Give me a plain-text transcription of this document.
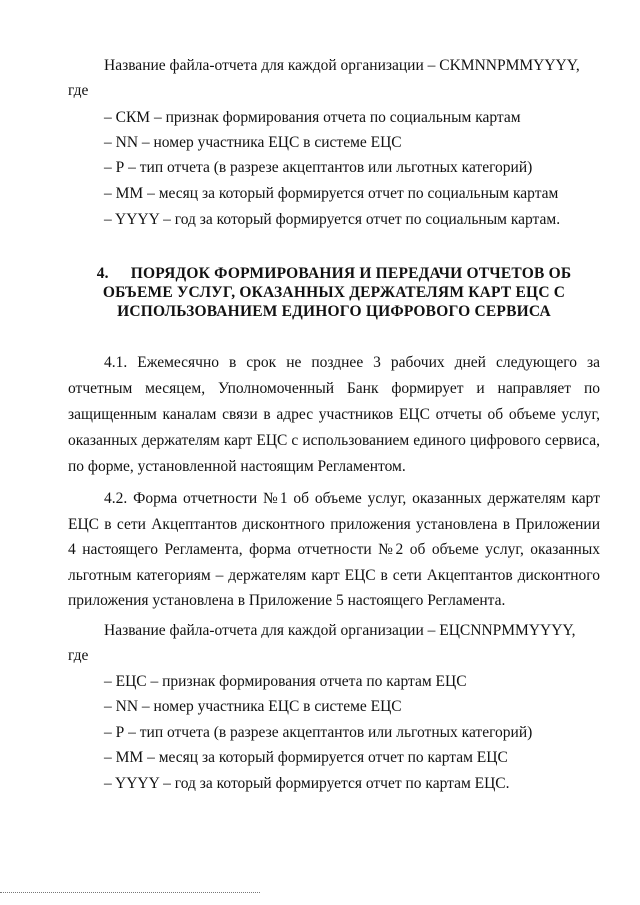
Название файла-отчета для каждой организации – CKMNNPMMYYYY,
где
– СКМ – признак формирования отчета по социальным картам
– NN – номер участника ЕЦС в системе ЕЦС
– Р – тип отчета (в разрезе акцептантов или льготных категорий)
– ММ – месяц за который формируется отчет по социальным картам
– YYYY – год за который формируется отчет по социальным картам.
4. ПОРЯДОК ФОРМИРОВАНИЯ И ПЕРЕДАЧИ ОТЧЕТОВ ОБ
ОБЪЕМЕ УСЛУГ, ОКАЗАННЫХ ДЕРЖАТЕЛЯМ КАРТ ЕЦС С
ИСПОЛЬЗОВАНИЕМ ЕДИНОГО ЦИФРОВОГО СЕРВИСА
4.1. Ежемесячно в срок не позднее 3 рабочих дней следующего за отчетным месяцем, Уполномоченный Банк формирует и направляет по защищенным каналам связи в адрес участников ЕЦС отчеты об объеме услуг, оказанных держателям карт ЕЦС с использованием единого цифрового сервиса, по форме, установленной настоящим Регламентом.
4.2. Форма отчетности №1 об объеме услуг, оказанных держателям карт ЕЦС в сети Акцептантов дисконтного приложения установлена в Приложении 4 настоящего Регламента, форма отчетности №2 об объеме услуг, оказанных льготным категориям – держателям карт ЕЦС в сети Акцептантов дисконтного приложения установлена в Приложение 5 настоящего Регламента.
Название файла-отчета для каждой организации – ЕЦCNNPMMYYYY,
где
– ЕЦС – признак формирования отчета по картам ЕЦС
– NN – номер участника ЕЦС в системе ЕЦС
– Р – тип отчета (в разрезе акцептантов или льготных категорий)
– ММ – месяц за который формируется отчет по картам ЕЦС
– YYYY – год за который формируется отчет по картам ЕЦС.
